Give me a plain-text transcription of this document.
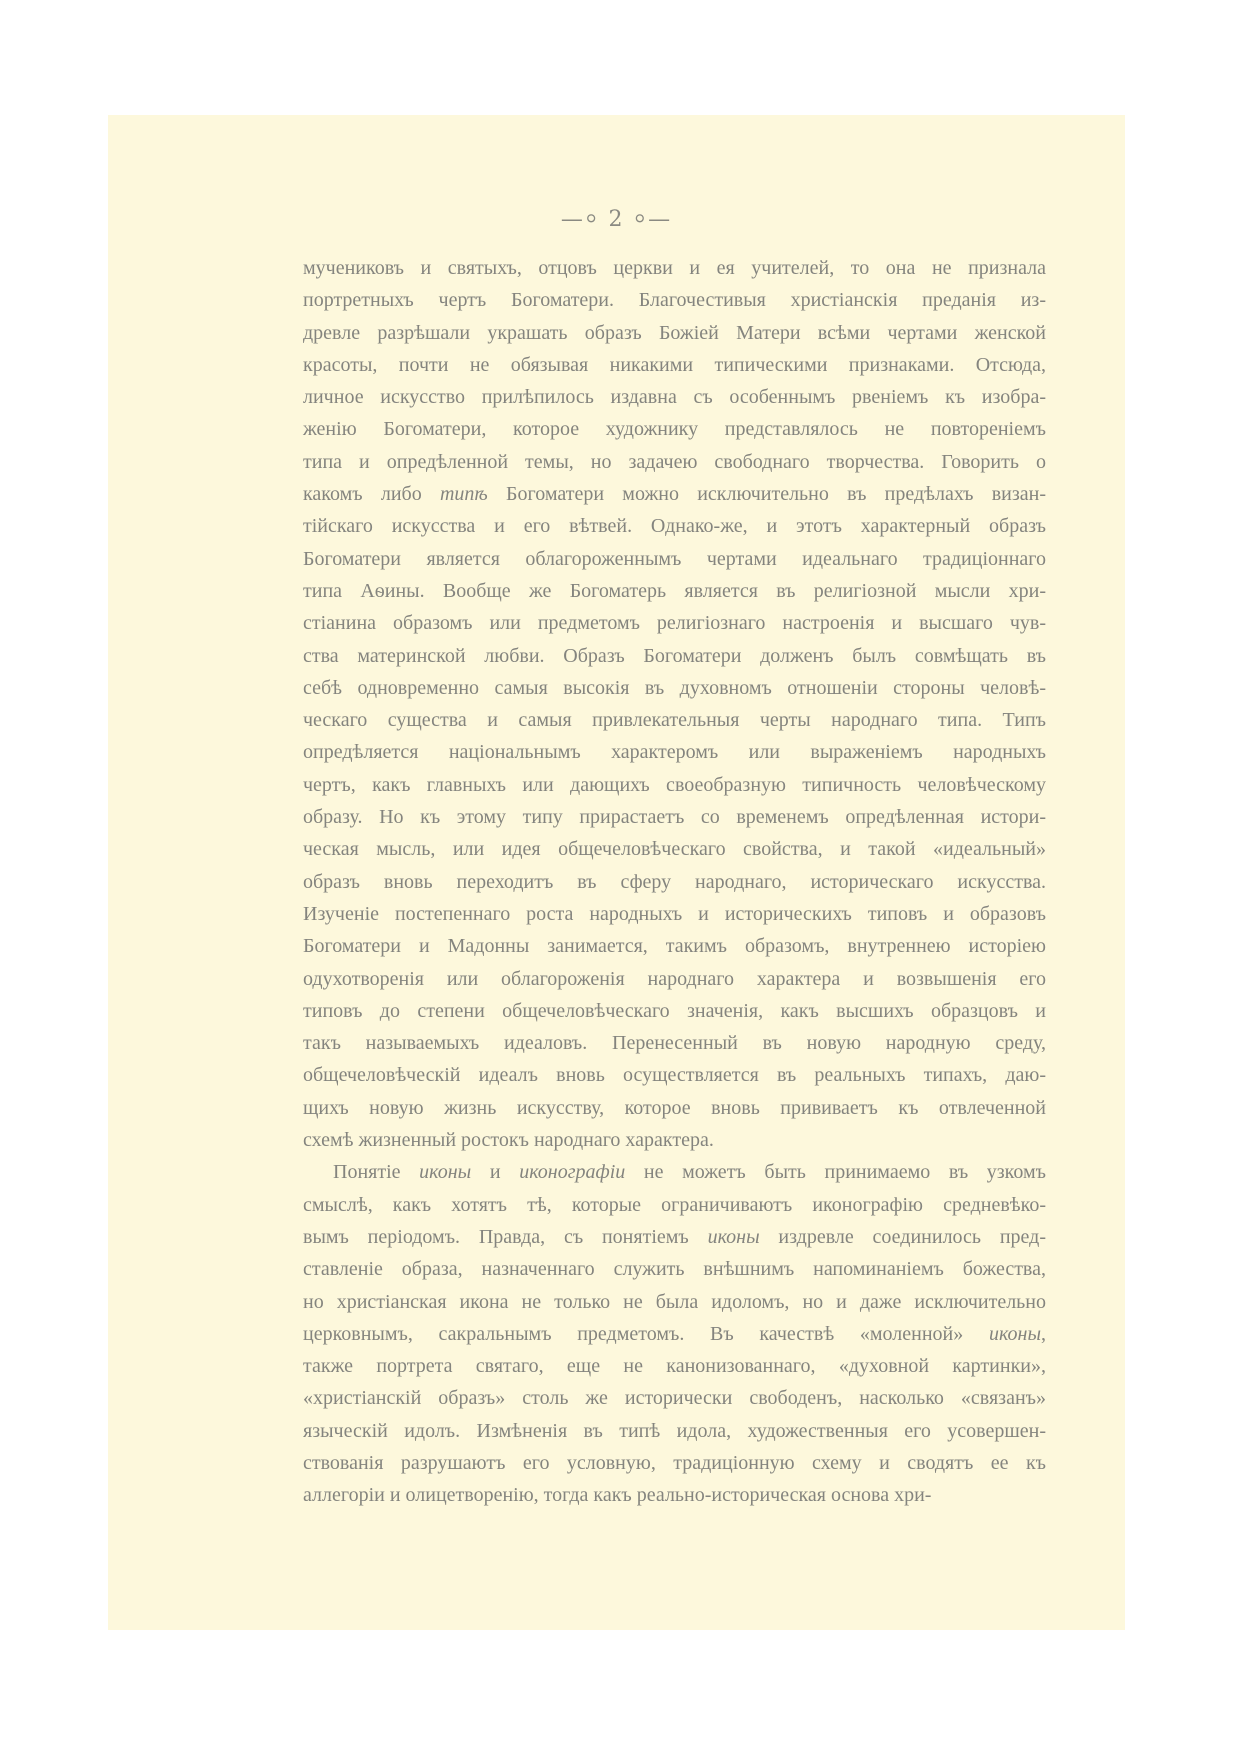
—⸰ 2 ⸰—
мучениковъ и святыхъ, отцовъ церкви и ея учителей, то она не признала
портретныхъ чертъ Богоматери. Благочестивыя христіанскія преданія из-
древле разрѣшали украшать образъ Божіей Матери всѣми чертами женской
красоты, почти не обязывая никакими типическими признаками. Отсюда,
личное искусство прилѣпилось издавна съ особеннымъ рвеніемъ къ изобра-
женію Богоматери, которое художнику представлялось не повтореніемъ
типа и опредѣленной темы, но задачею свободнаго творчества. Говорить о
какомъ либо типѣ Богоматери можно исключительно въ предѣлахъ визан-
тійскаго искусства и его вѣтвей. Однако-же, и этотъ характерный образъ
Богоматери является облагороженнымъ чертами идеальнаго традиціоннаго
типа Аѳины. Вообще же Богоматерь является въ религіозной мысли хри-
стіанина образомъ или предметомъ религіознаго настроенія и высшаго чув-
ства материнской любви. Образъ Богоматери долженъ былъ совмѣщать въ
себѣ одновременно самыя высокія въ духовномъ отношеніи стороны человѣ-
ческаго существа и самыя привлекательныя черты народнаго типа. Типъ
опредѣляется національнымъ характеромъ или выраженіемъ народныхъ
чертъ, какъ главныхъ или дающихъ своеобразную типичность человѣческому
образу. Но къ этому типу прирастаетъ со временемъ опредѣленная истори-
ческая мысль, или идея общечеловѣческаго свойства, и такой «идеальный»
образъ вновь переходитъ въ сферу народнаго, историческаго искусства.
Изученіе постепеннаго роста народныхъ и историческихъ типовъ и образовъ
Богоматери и Мадонны занимается, такимъ образомъ, внутреннею исторіею
одухотворенія или облагороженія народнаго характера и возвышенія его
типовъ до степени общечеловѣческаго значенія, какъ высшихъ образцовъ и
такъ называемыхъ идеаловъ. Перенесенный въ новую народную среду,
общечеловѣческій идеалъ вновь осуществляется въ реальныхъ типахъ, даю-
щихъ новую жизнь искусству, которое вновь прививаетъ къ отвлеченной
схемѣ жизненный ростокъ народнаго характера.
Понятіе иконы и иконографіи не можетъ быть принимаемо въ узкомъ
смыслѣ, какъ хотятъ тѣ, которые ограничиваютъ иконографію средневѣко-
вымъ періодомъ. Правда, съ понятіемъ иконы издревле соединилось пред-
ставленіе образа, назначеннаго служить внѣшнимъ напоминаніемъ божества,
но христіанская икона не только не была идоломъ, но и даже исключительно
церковнымъ, сакральнымъ предметомъ. Въ качествѣ «моленной» иконы,
также портрета святаго, еще не канонизованнаго, «духовной картинки»,
«христіанскій образъ» столь же исторически свободенъ, насколько «связанъ»
языческій идолъ. Измѣненія въ типѣ идола, художественныя его усовершен-
ствованія разрушаютъ его условную, традиціонную схему и сводятъ ее къ
аллегоріи и олицетворенію, тогда какъ реально-историческая основа хри-
